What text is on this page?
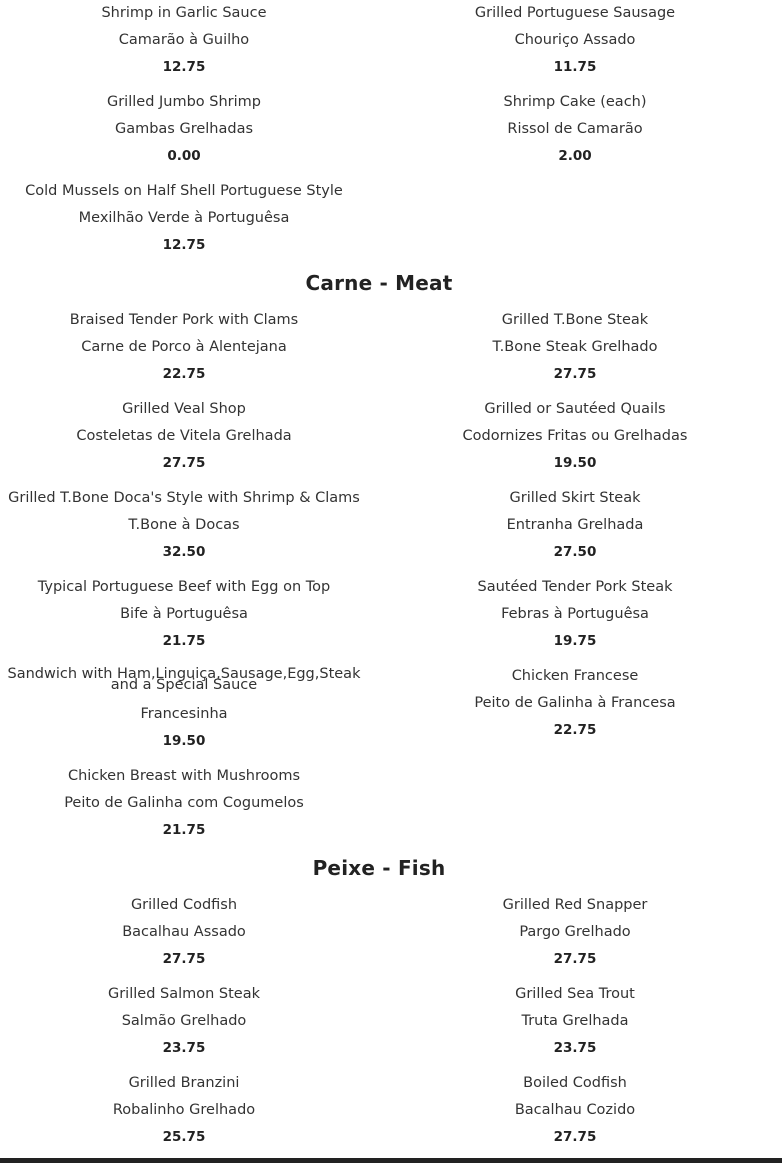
Shrimp in Garlic Sauce
Camarão à Guilho
12.75
Grilled Portuguese Sausage
Chouriço Assado
11.75
Grilled Jumbo Shrimp
Gambas Grelhadas
0.00
Shrimp Cake (each)
Rissol de Camarão
2.00
Cold Mussels on Half Shell Portuguese Style
Mexilhão Verde à Portuguêsa
12.75
Carne - Meat
Braised Tender Pork with Clams
Carne de Porco à Alentejana
22.75
Grilled T.Bone Steak
T.Bone Steak Grelhado
27.75
Grilled Veal Shop
Costeletas de Vitela Grelhada
27.75
Grilled or Sautéed Quails
Codornizes Fritas ou Grelhadas
19.50
Grilled T.Bone Doca's Style with Shrimp & Clams
T.Bone à Docas
32.50
Grilled Skirt Steak
Entranha Grelhada
27.50
Typical Portuguese Beef with Egg on Top
Bife à Portuguêsa
21.75
Sautéed Tender Pork Steak
Febras à Portuguêsa
19.75
Sandwich with Ham,Linguiça,Sausage,Egg,Steak and a Special Sauce
Francesinha
19.50
Chicken Francese
Peito de Galinha à Francesa
22.75
Chicken Breast with Mushrooms
Peito de Galinha com Cogumelos
21.75
Peixe - Fish
Grilled Codfish
Bacalhau Assado
27.75
Grilled Red Snapper
Pargo Grelhado
27.75
Grilled Salmon Steak
Salmão Grelhado
23.75
Grilled Sea Trout
Truta Grelhada
23.75
Grilled Branzini
Robalinho Grelhado
25.75
Boiled Codfish
Bacalhau Cozido
27.75
